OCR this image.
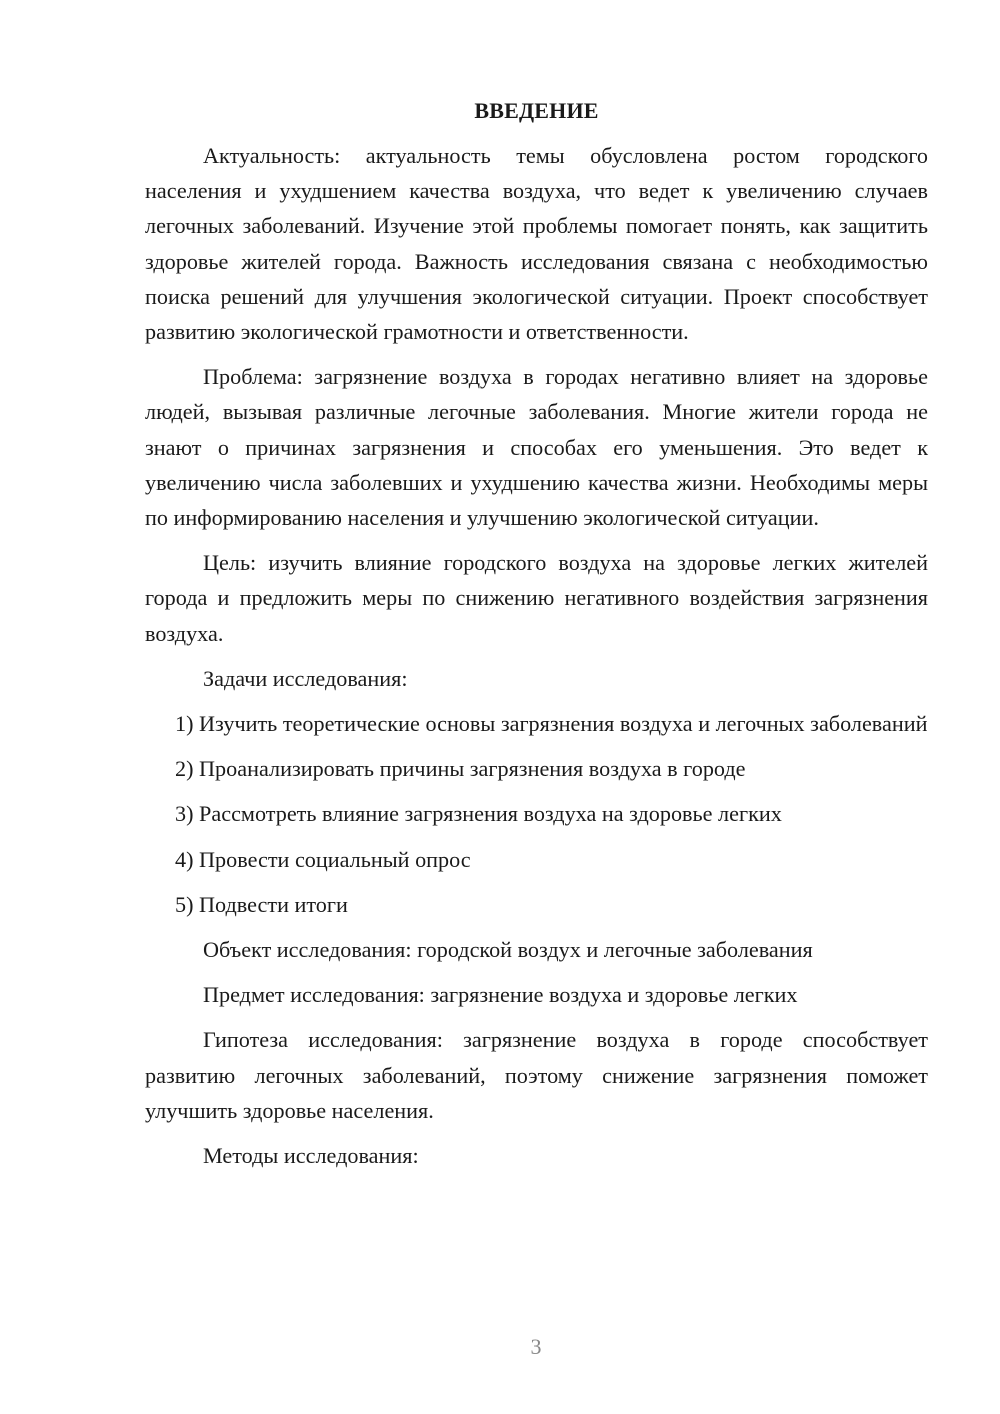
ВВЕДЕНИЕ

Актуальность: актуальность темы обусловлена ростом городского населения и ухудшением качества воздуха, что ведет к увеличению случаев легочных заболеваний. Изучение этой проблемы помогает понять, как защитить здоровье жителей города. Важность исследования связана с необходимостью поиска решений для улучшения экологической ситуации. Проект способствует развитию экологической грамотности и ответственности.

Проблема: загрязнение воздуха в городах негативно влияет на здоровье людей, вызывая различные легочные заболевания. Многие жители города не знают о причинах загрязнения и способах его уменьшения. Это ведет к увеличению числа заболевших и ухудшению качества жизни. Необходимы меры по информированию населения и улучшению экологической ситуации.

Цель: изучить влияние городского воздуха на здоровье легких жителей города и предложить меры по снижению негативного воздействия загрязнения воздуха.

Задачи исследования:

1) Изучить теоретические основы загрязнения воздуха и легочных заболеваний

2) Проанализировать причины загрязнения воздуха в городе

3) Рассмотреть влияние загрязнения воздуха на здоровье легких

4) Провести социальный опрос

5) Подвести итоги

Объект исследования: городской воздух и легочные заболевания

Предмет исследования: загрязнение воздуха и здоровье легких

Гипотеза исследования: загрязнение воздуха в городе способствует развитию легочных заболеваний, поэтому снижение загрязнения поможет улучшить здоровье населения.

Методы исследования:

3
